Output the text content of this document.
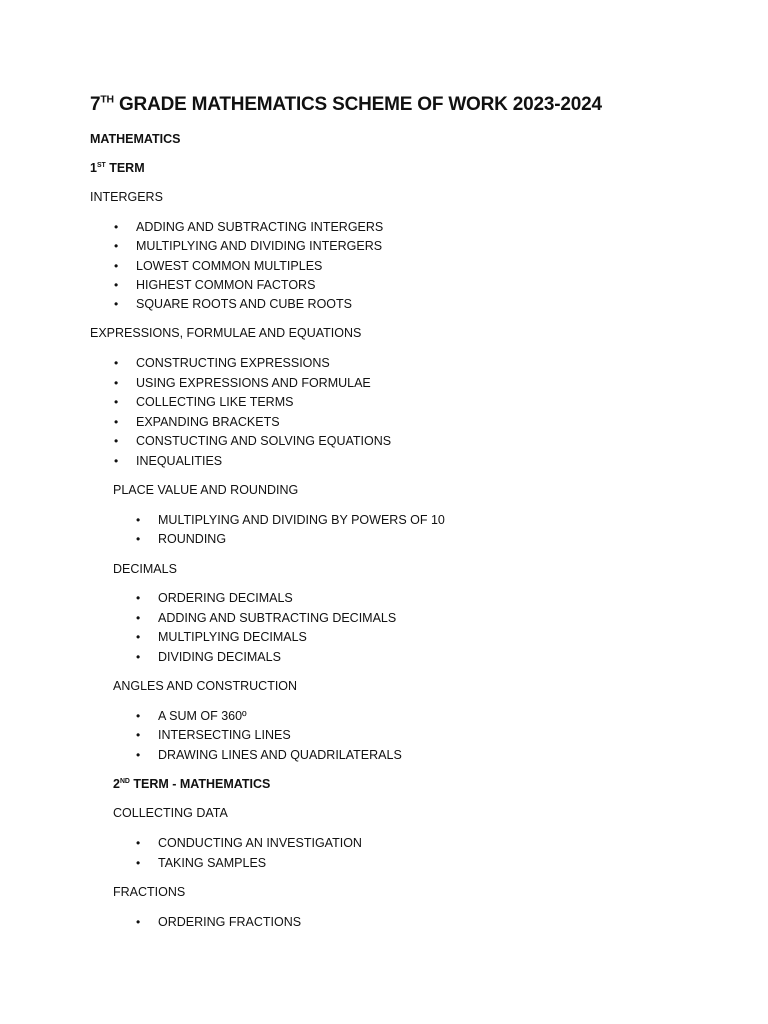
7TH GRADE MATHEMATICS SCHEME OF WORK 2023-2024

MATHEMATICS

1ST TERM

INTERGERS

• ADDING AND SUBTRACTING INTERGERS

• MULTIPLYING AND DIVIDING INTERGERS

• LOWEST COMMON MULTIPLES

• HIGHEST COMMON FACTORS

• SQUARE ROOTS AND CUBE ROOTS

EXPRESSIONS, FORMULAE AND EQUATIONS

• CONSTRUCTING EXPRESSIONS

• USING EXPRESSIONS AND FORMULAE

• COLLECTING LIKE TERMS

• EXPANDING BRACKETS

• CONSTUCTING AND SOLVING EQUATIONS

• INEQUALITIES

PLACE VALUE AND ROUNDING

• MULTIPLYING AND DIVIDING BY POWERS OF 10

• ROUNDING

DECIMALS

• ORDERING DECIMALS

• ADDING AND SUBTRACTING DECIMALS

• MULTIPLYING DECIMALS

• DIVIDING DECIMALS

ANGLES AND CONSTRUCTION

• A SUM OF 360º

• INTERSECTING LINES

• DRAWING LINES AND QUADRILATERALS

2ND TERM - MATHEMATICS

COLLECTING DATA

• CONDUCTING AN INVESTIGATION

• TAKING SAMPLES

FRACTIONS

• ORDERING FRACTIONS
